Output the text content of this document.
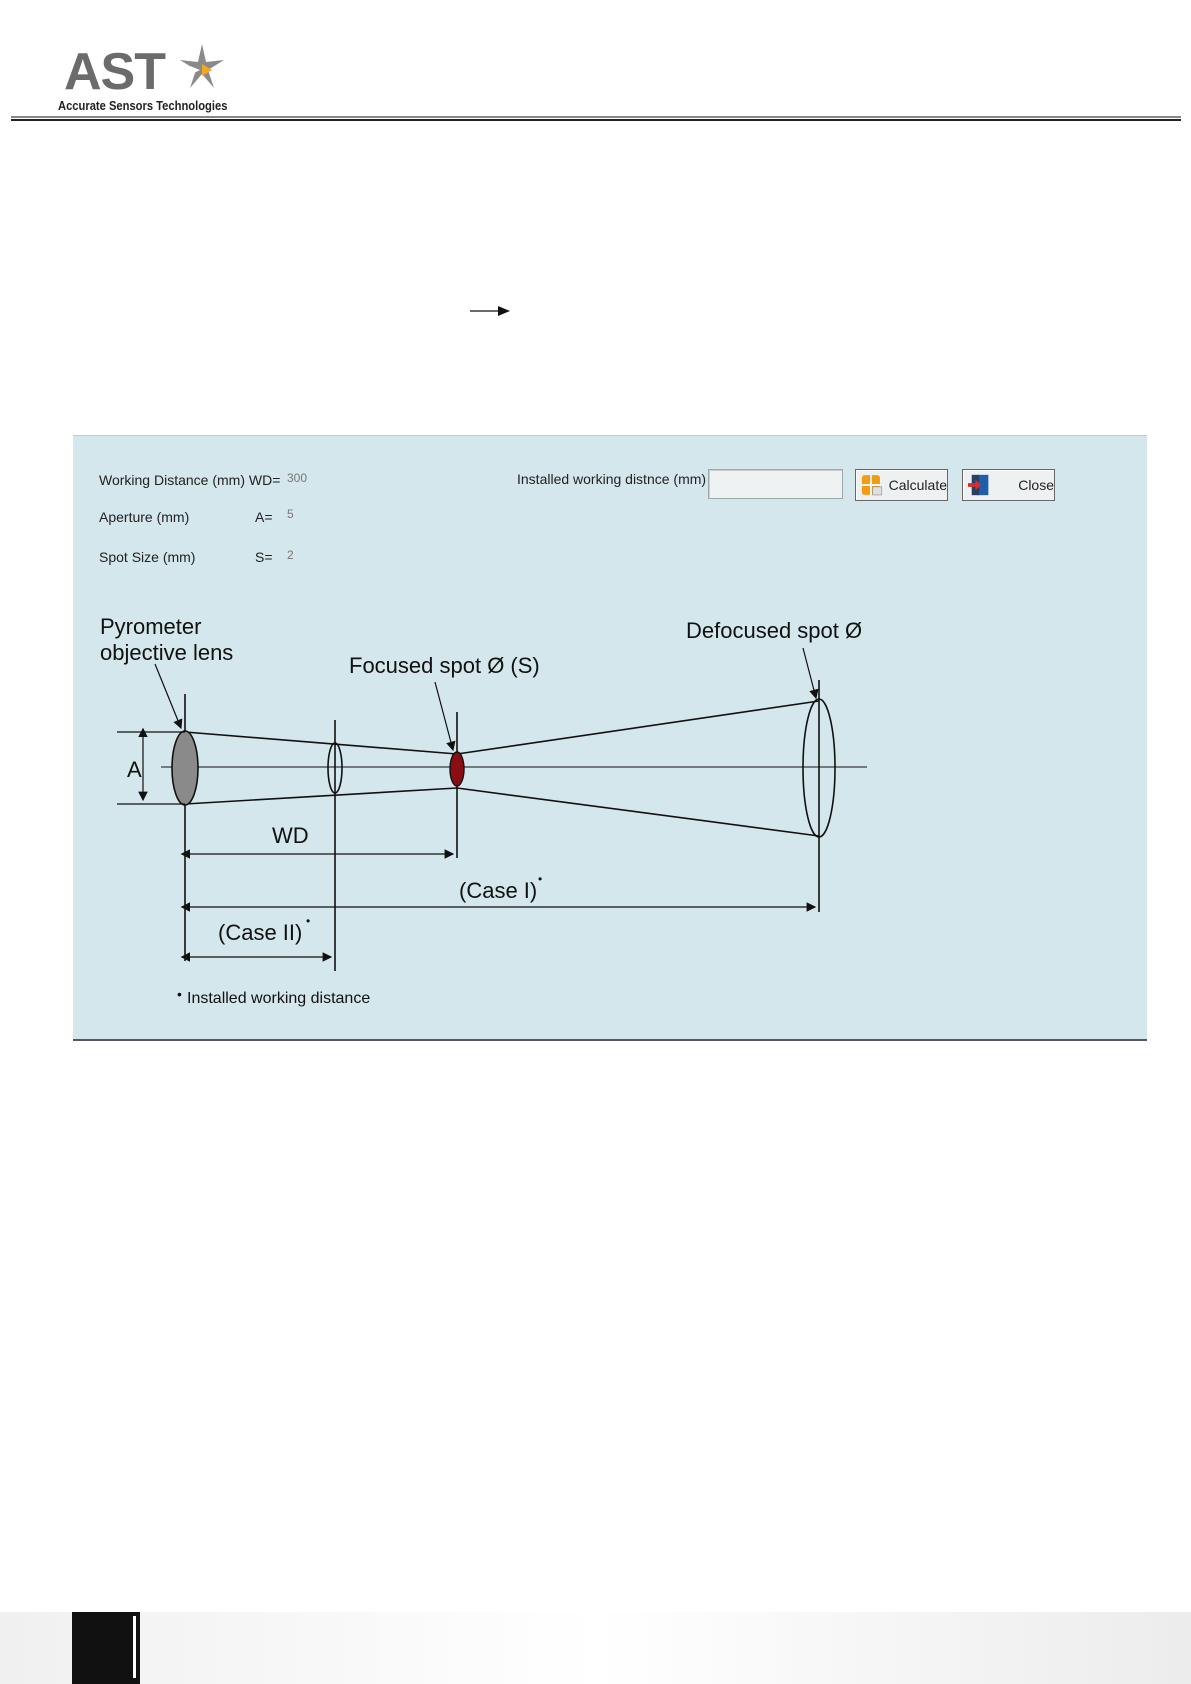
AST
Accurate Sensors Technologies
Working Distance (mm) WD= 300
Aperture (mm)	A= 5
Spot Size (mm)	S= 2
Installed working distnce (mm)	Calculate	Close
A
WD
(Case I) •
(Case II) •
Pyrometer
objective lens
Focused spot Ø (S)
Defocused spot Ø
• Installed working distance
